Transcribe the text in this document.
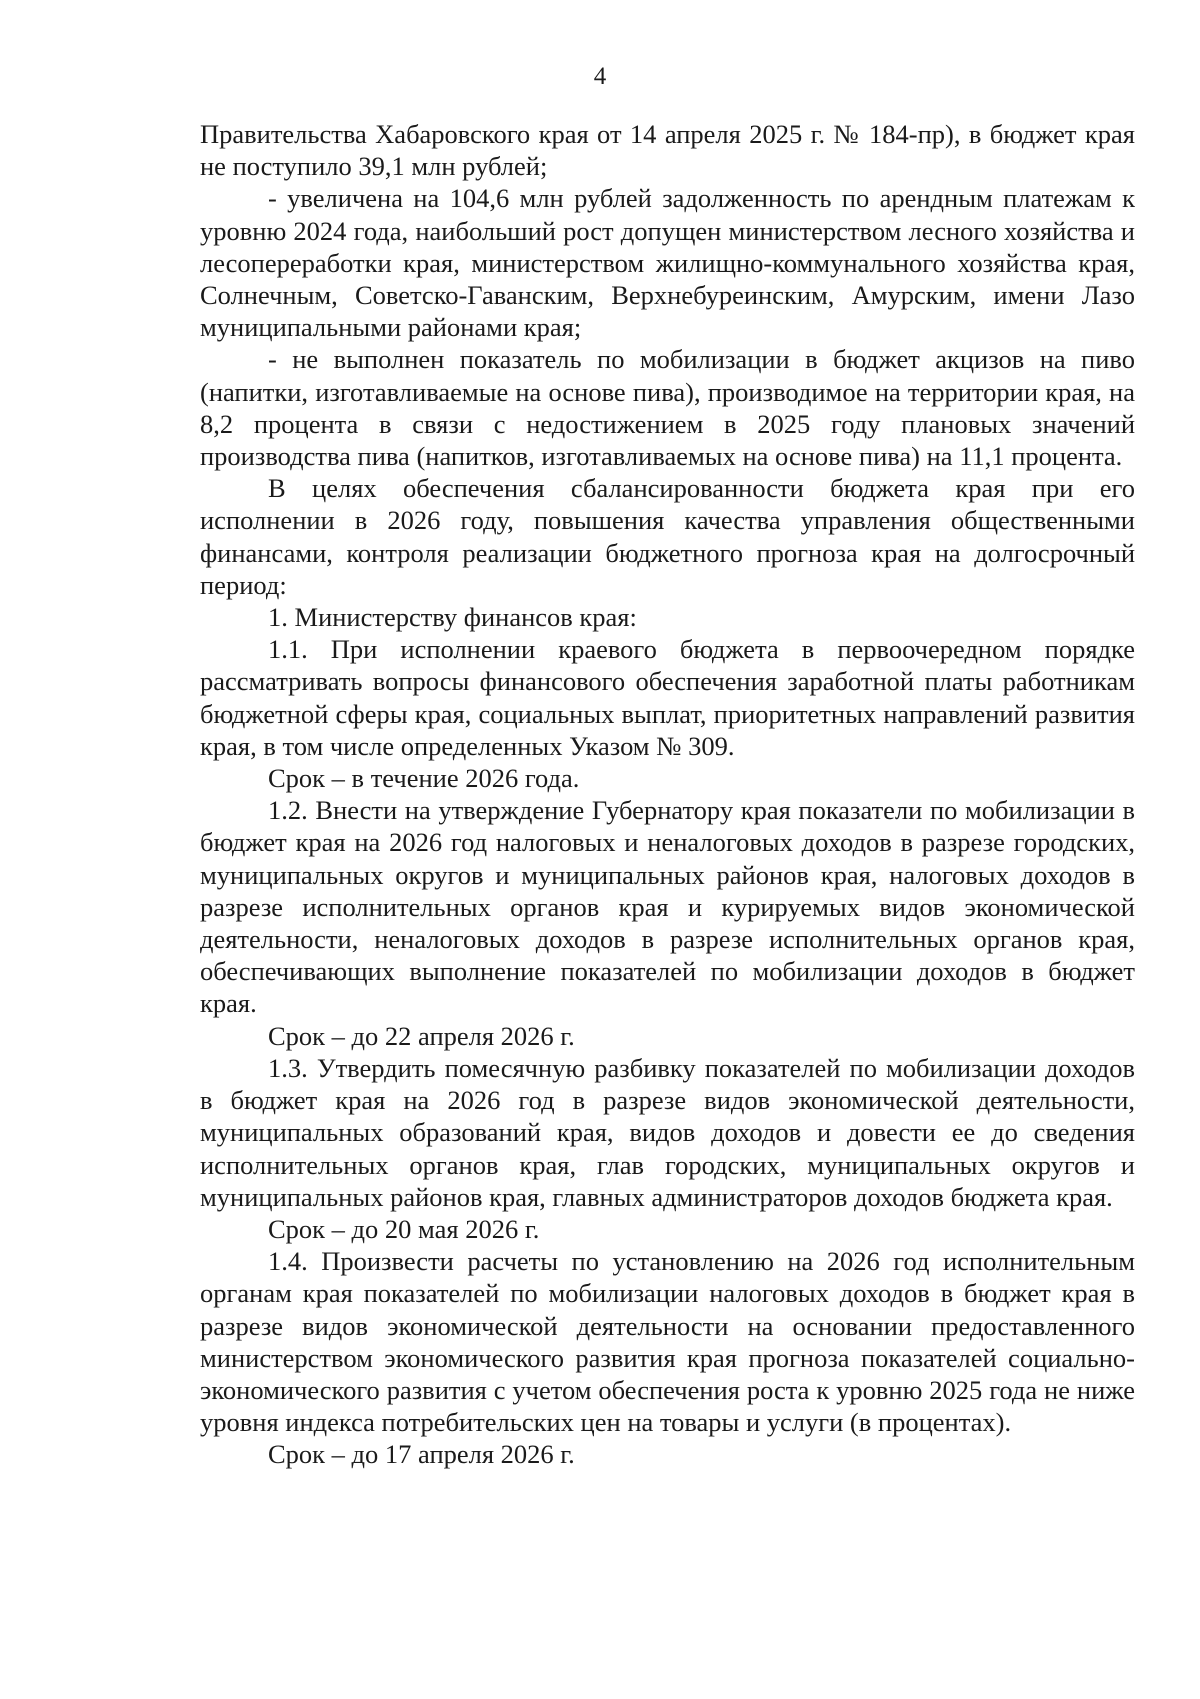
4

Правительства Хабаровского края от 14 апреля 2025 г. № 184-пр), в бюджет края не поступило 39,1 млн рублей;

- увеличена на 104,6 млн рублей задолженность по арендным платежам к уровню 2024 года, наибольший рост допущен министерством лесного хозяйства и лесопереработки края, министерством жилищно-коммунального хозяйства края, Солнечным, Советско-Гаванским, Верхнебуреинским, Амурским, имени Лазо муниципальными районами края;

- не выполнен показатель по мобилизации в бюджет акцизов на пиво (напитки, изготавливаемые на основе пива), производимое на территории края, на 8,2 процента в связи с недостижением в 2025 году плановых значений производства пива (напитков, изготавливаемых на основе пива) на 11,1 процента.

В целях обеспечения сбалансированности бюджета края при его исполнении в 2026 году, повышения качества управления общественными финансами, контроля реализации бюджетного прогноза края на долгосрочный период:

1. Министерству финансов края:

1.1. При исполнении краевого бюджета в первоочередном порядке рассматривать вопросы финансового обеспечения заработной платы работникам бюджетной сферы края, социальных выплат, приоритетных направлений развития края, в том числе определенных Указом № 309.

Срок – в течение 2026 года.

1.2. Внести на утверждение Губернатору края показатели по мобилизации в бюджет края на 2026 год налоговых и неналоговых доходов в разрезе городских, муниципальных округов и муниципальных районов края, налоговых доходов в разрезе исполнительных органов края и курируемых видов экономической деятельности, неналоговых доходов в разрезе исполнительных органов края, обеспечивающих выполнение показателей по мобилизации доходов в бюджет края.

Срок – до 22 апреля 2026 г.

1.3. Утвердить помесячную разбивку показателей по мобилизации доходов в бюджет края на 2026 год в разрезе видов экономической деятельности, муниципальных образований края, видов доходов и довести ее до сведения исполнительных органов края, глав городских, муниципальных округов и муниципальных районов края, главных администраторов доходов бюджета края.

Срок – до 20 мая 2026 г.

1.4. Произвести расчеты по установлению на 2026 год исполнительным органам края показателей по мобилизации налоговых доходов в бюджет края в разрезе видов экономической деятельности на основании предоставленного министерством экономического развития края прогноза показателей социально-экономического развития с учетом обеспечения роста к уровню 2025 года не ниже уровня индекса потребительских цен на товары и услуги (в процентах).

Срок – до 17 апреля 2026 г.
